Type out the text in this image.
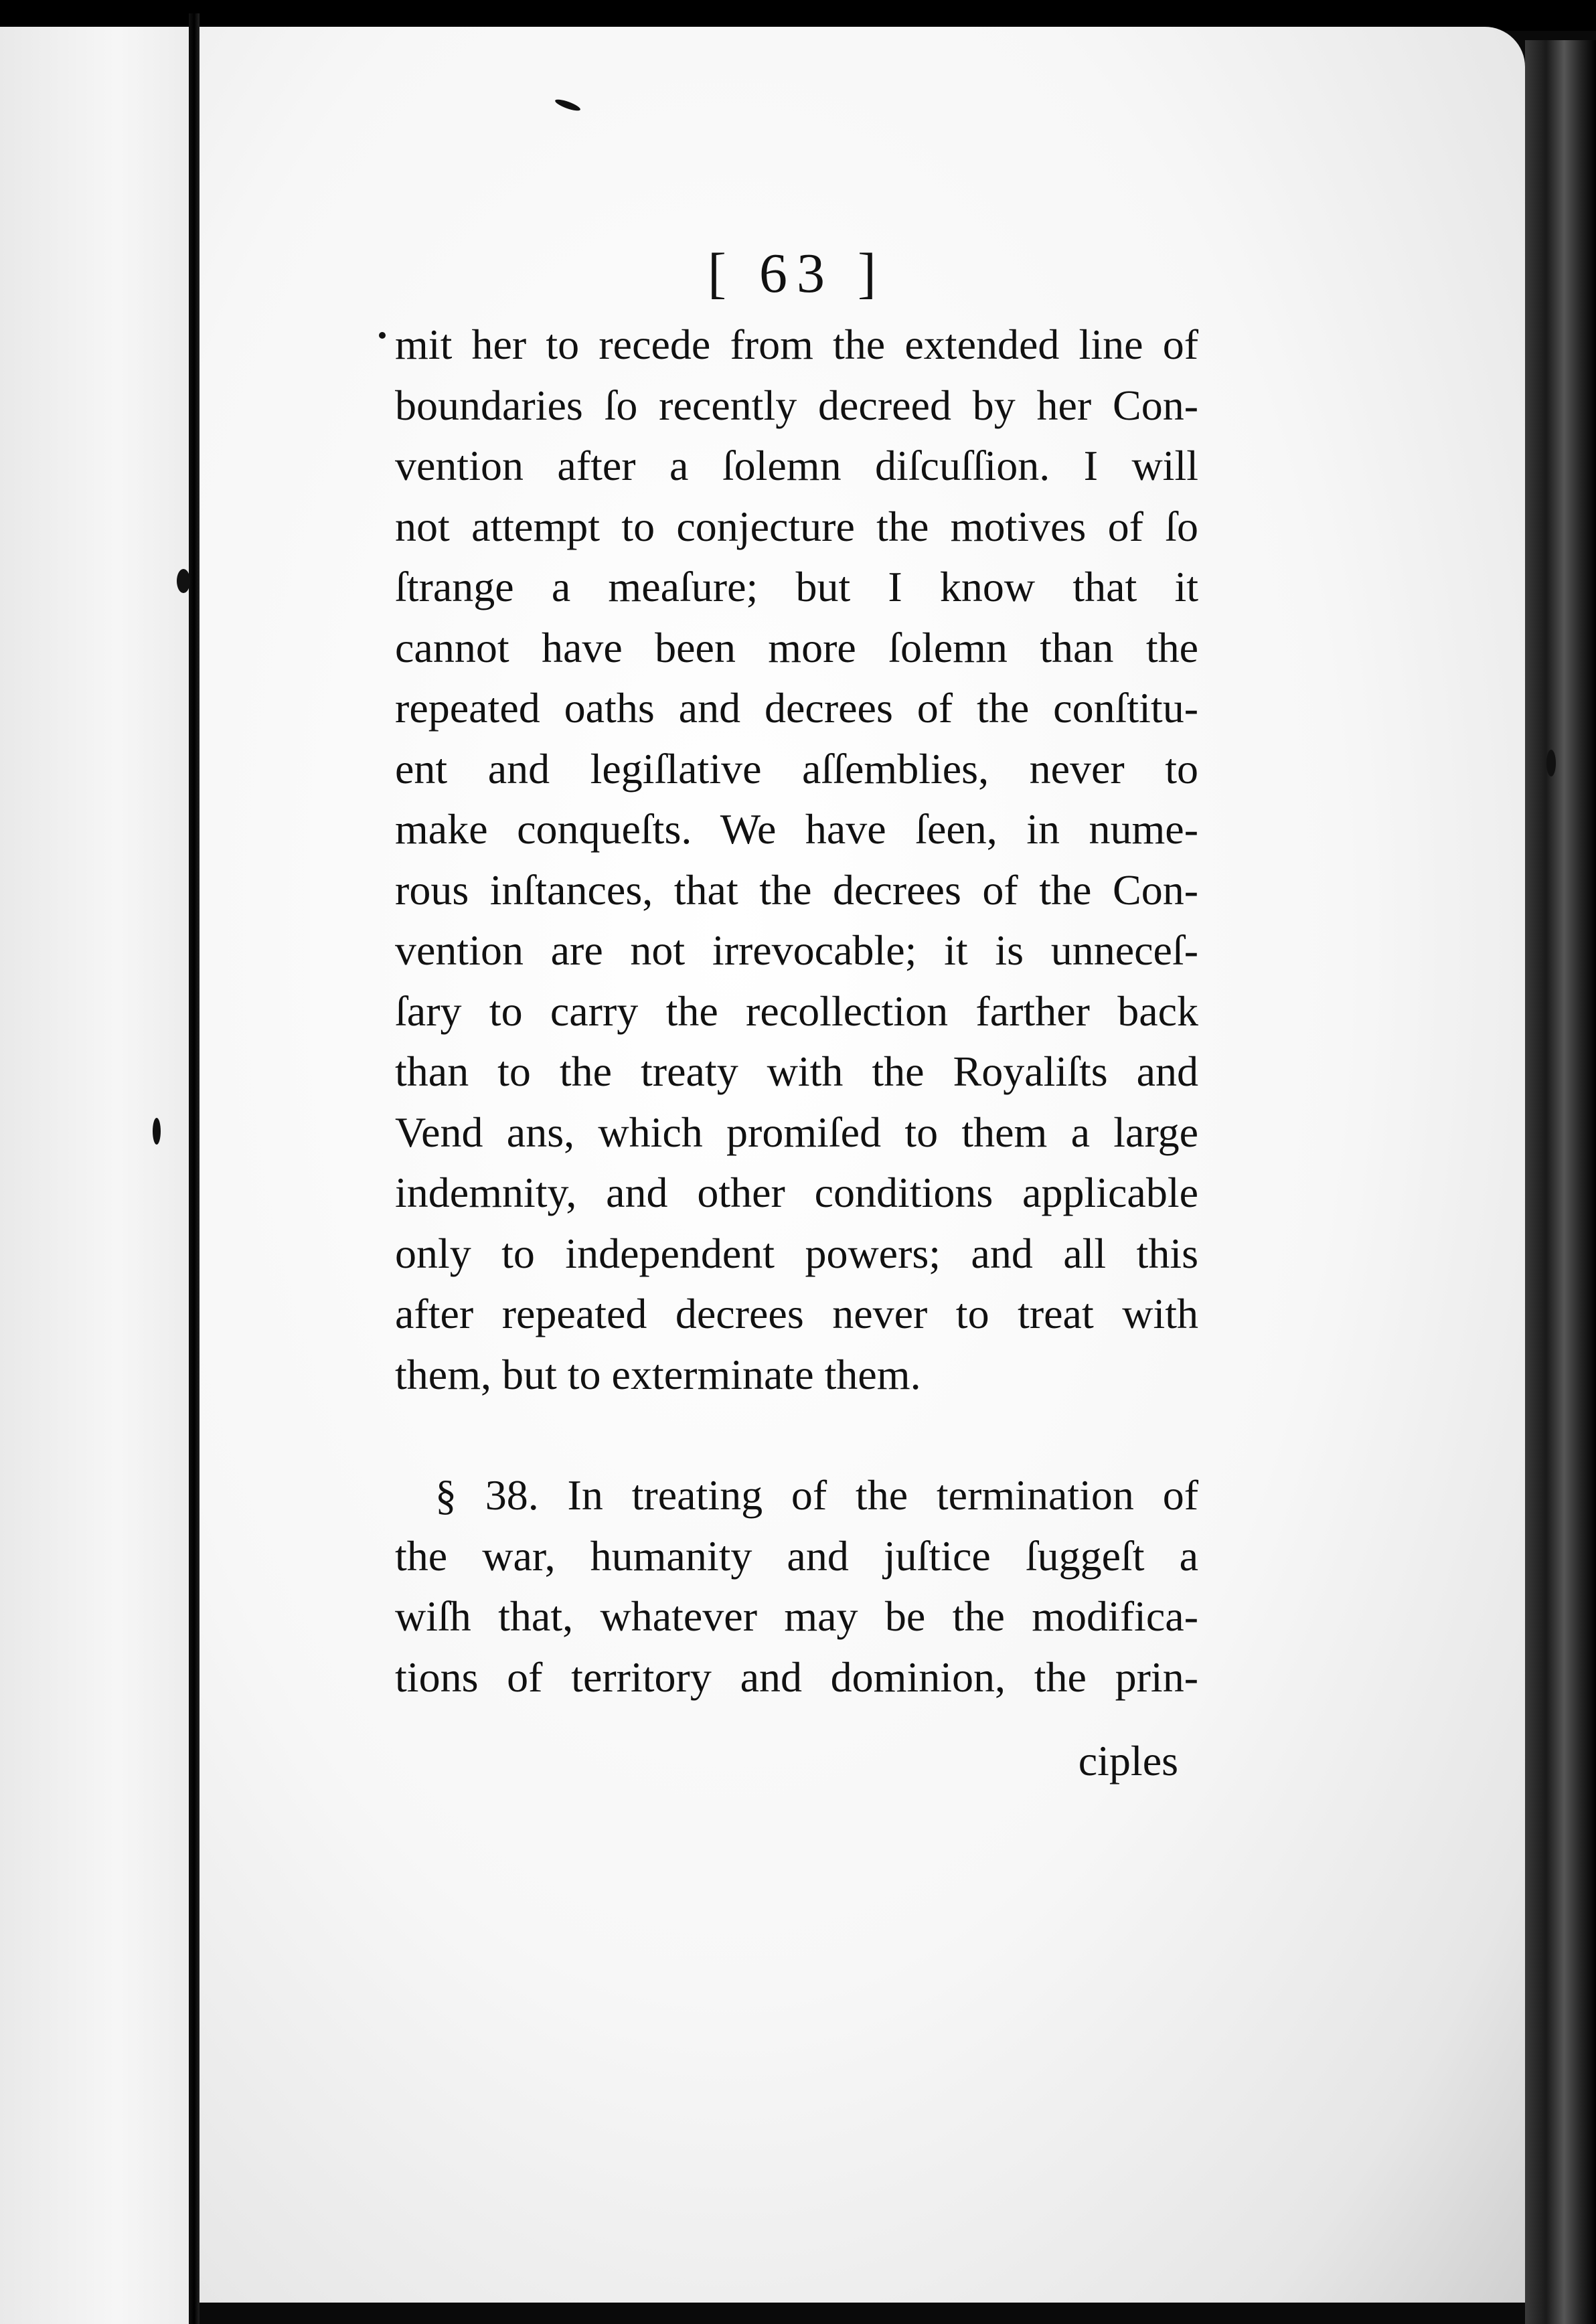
[ 63 ]
mit her to recede from the extended line of
boundaries ſo recently decreed by her Con-
vention after a ſolemn diſcuſſion. I will
not attempt to conjecture the motives of ſo
ſtrange a meaſure; but I know that it
cannot have been more ſolemn than the
repeated oaths and decrees of the conſtitu-
ent and legiſlative aſſemblies, never to
make conqueſts. We have ſeen, in nume-
rous inſtances, that the decrees of the Con-
vention are not irrevocable; it is unneceſ-
ſary to carry the recollection farther back
than to the treaty with the Royaliſts and
Vend ans, which promiſed to them a large
indemnity, and other conditions applicable
only to independent powers; and all this
after repeated decrees never to treat with
them, but to exterminate them.
§ 38. In treating of the termination of
the war, humanity and juſtice ſuggeſt a
wiſh that, whatever may be the modifica-
tions of territory and dominion, the prin-
ciples
